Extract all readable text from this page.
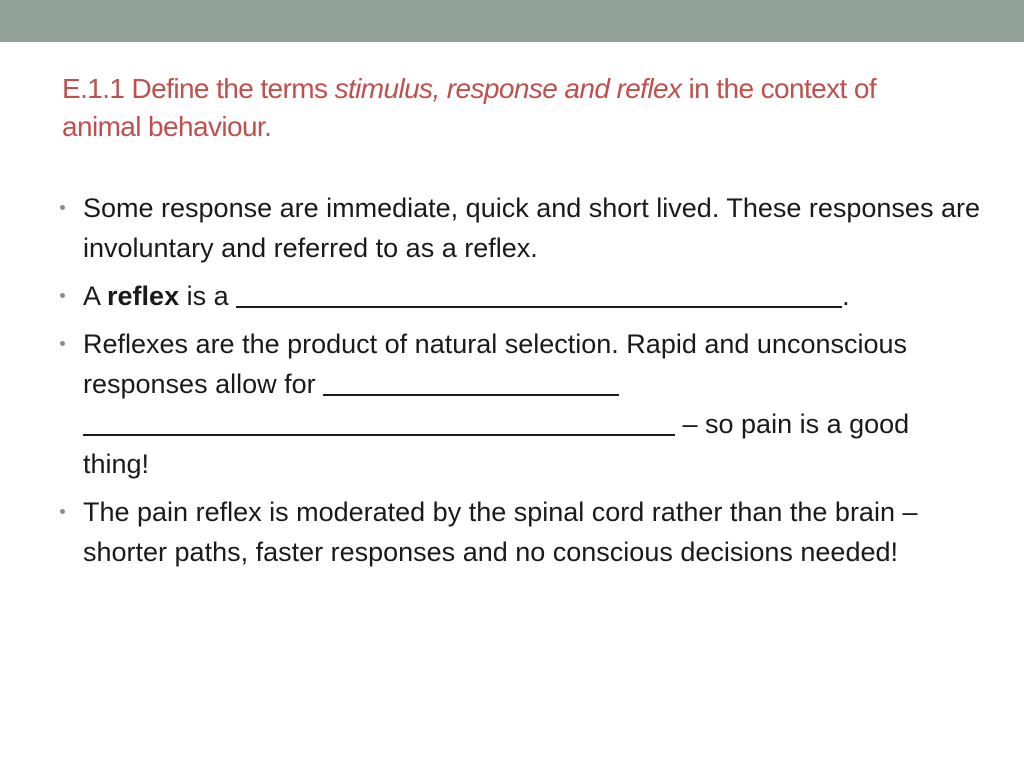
E.1.1 Define the terms stimulus, response and reflex in the context of animal behaviour.
Some response are immediate, quick and short lived. These responses are involuntary and referred to as a reflex.
A reflex is a	.
Reflexes are the product of natural selection. Rapid and unconscious responses allow for
– so pain is a good thing!
The pain reflex is moderated by the spinal cord rather than the brain – shorter paths, faster responses and no conscious decisions needed!
